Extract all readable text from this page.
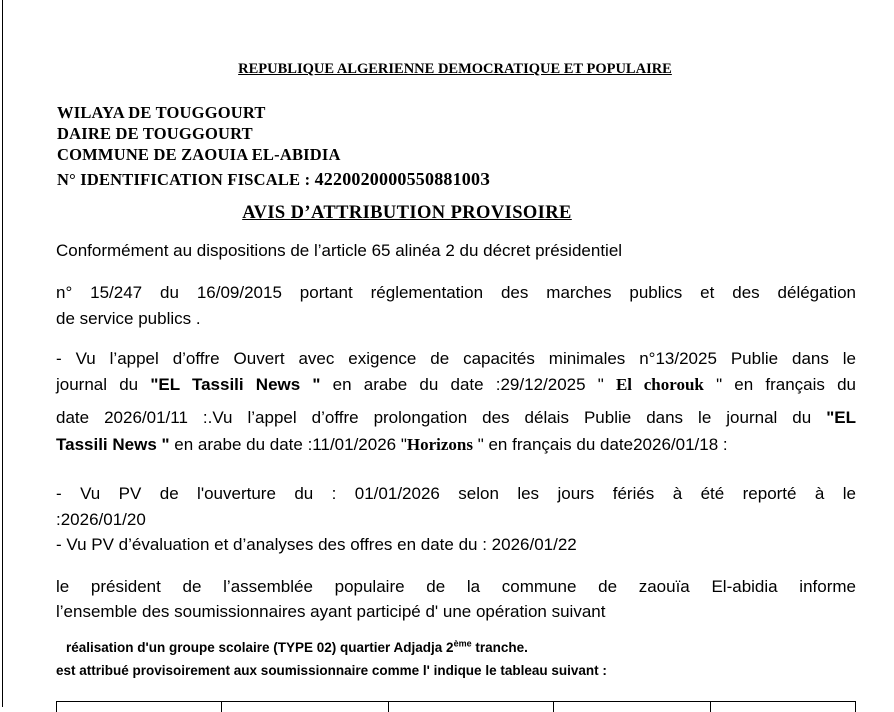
REPUBLIQUE ALGERIENNE DEMOCRATIQUE ET POPULAIRE
WILAYA DE TOUGGOURT
DAIRE DE TOUGGOURT
COMMUNE DE ZAOUIA EL-ABIDIA
N° IDENTIFICATION FISCALE : 422002000055088100З
AVIS D’ATTRIBUTION PROVISOIRE
Conformément au dispositions de l’article 65 alinéa 2 du décret présidentiel
n° 15/247 du 16/09/2015 portant réglementation des marches publics et des délégation
de service publics .
- Vu l’appel d’offre Ouvert avec exigence de capacités minimales n°13/2025 Publie dans le
journal du "EL Tassili News " en arabe du date :29/12/2025 " El chorouk " en français du
date 2026/01/11 :.Vu l’appel d’offre prolongation des délais Publie dans le journal du "EL
Tassili News " en arabe du date :11/01/2026 "Horizons " en français du date2026/01/18 :
- Vu PV de l'ouverture du : 01/01/2026 selon les jours fériés à été reporté à le
:2026/01/20
- Vu PV d’évaluation et d’analyses des offres en date du : 2026/01/22
le président de l’assemblée populaire de la commune de zaouïa El-abidia informe
l’ensemble des soumissionnaires ayant participé d' une opération suivant
réalisation d'un groupe scolaire (TYPE 02) quartier Adjadja 2ème tranche.
est attribué provisoirement aux soumissionnaire comme l' indique le tableau suivant :
